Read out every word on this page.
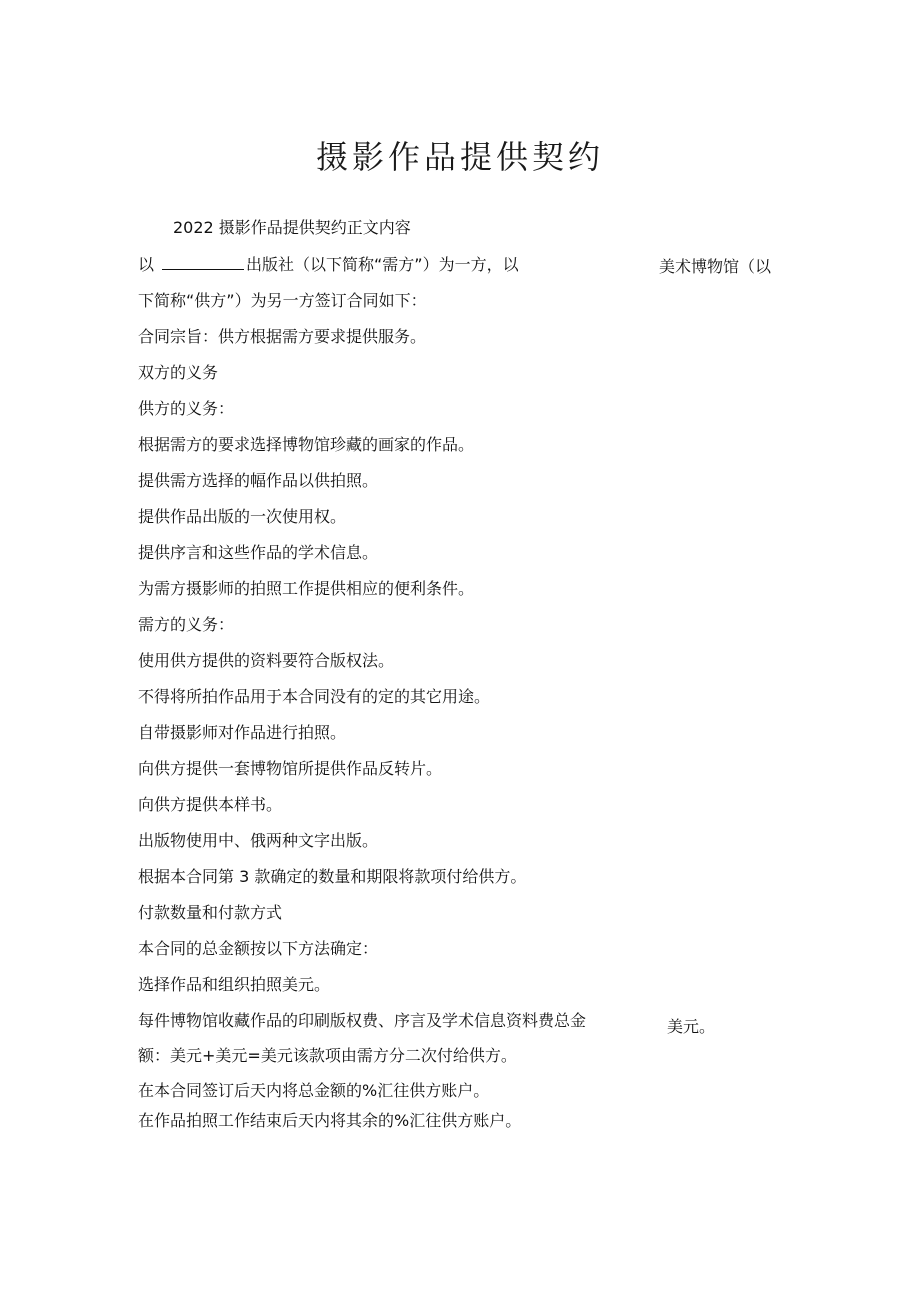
摄影作品提供契约
2022 摄影作品提供契约正文内容
以	出版社（以下简称“需方”）为一方，以	美术博物馆（以
下简称“供方”）为另一方签订合同如下：
合同宗旨：供方根据需方要求提供服务。
双方的义务
供方的义务：
根据需方的要求选择博物馆珍藏的画家的作品。
提供需方选择的幅作品以供拍照。
提供作品出版的一次使用权。
提供序言和这些作品的学术信息。
为需方摄影师的拍照工作提供相应的便利条件。
需方的义务：
使用供方提供的资料要符合版权法。
不得将所拍作品用于本合同没有的定的其它用途。
自带摄影师对作品进行拍照。
向供方提供一套博物馆所提供作品反转片。
向供方提供本样书。
出版物使用中、俄两种文字出版。
根据本合同第 3 款确定的数量和期限将款项付给供方。
付款数量和付款方式
本合同的总金额按以下方法确定：
选择作品和组织拍照美元。
每件博物馆收藏作品的印刷版权费、序言及学术信息资料费总金	美元。
额：美元+美元=美元该款项由需方分二次付给供方。
在本合同签订后天内将总金额的%汇往供方账户。
在作品拍照工作结束后天内将其余的%汇往供方账户。
